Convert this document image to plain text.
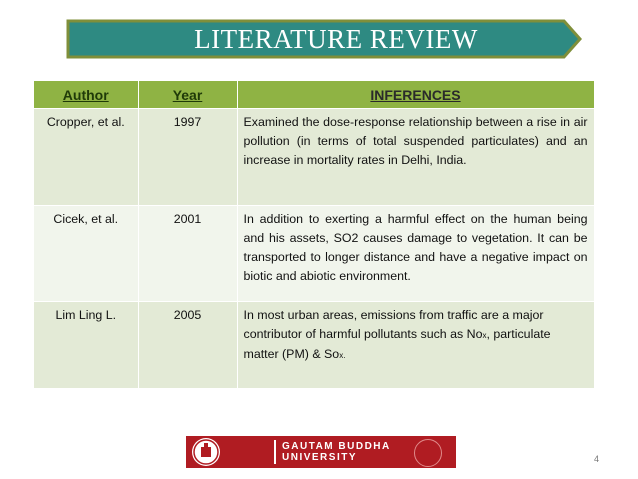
LITERATURE REVIEW
Author	Year	INFERENCES
Cropper, et al.	1997	Examined the dose-response relationship between a rise in air pollution (in terms of total suspended particulates) and an increase in mortality rates in Delhi, India.
Cicek, et al.	2001	In addition to exerting a harmful effect on the human being and his assets, SO2 causes damage to vegetation. It can be transported to longer distance and have a negative impact on biotic and abiotic environment.
Lim Ling L.	2005	In most urban areas, emissions from traffic are a major contributor of harmful pollutants such as Nox, particulate matter (PM) & Sox.
GAUTAM BUDDHA
UNIVERSITY	4
